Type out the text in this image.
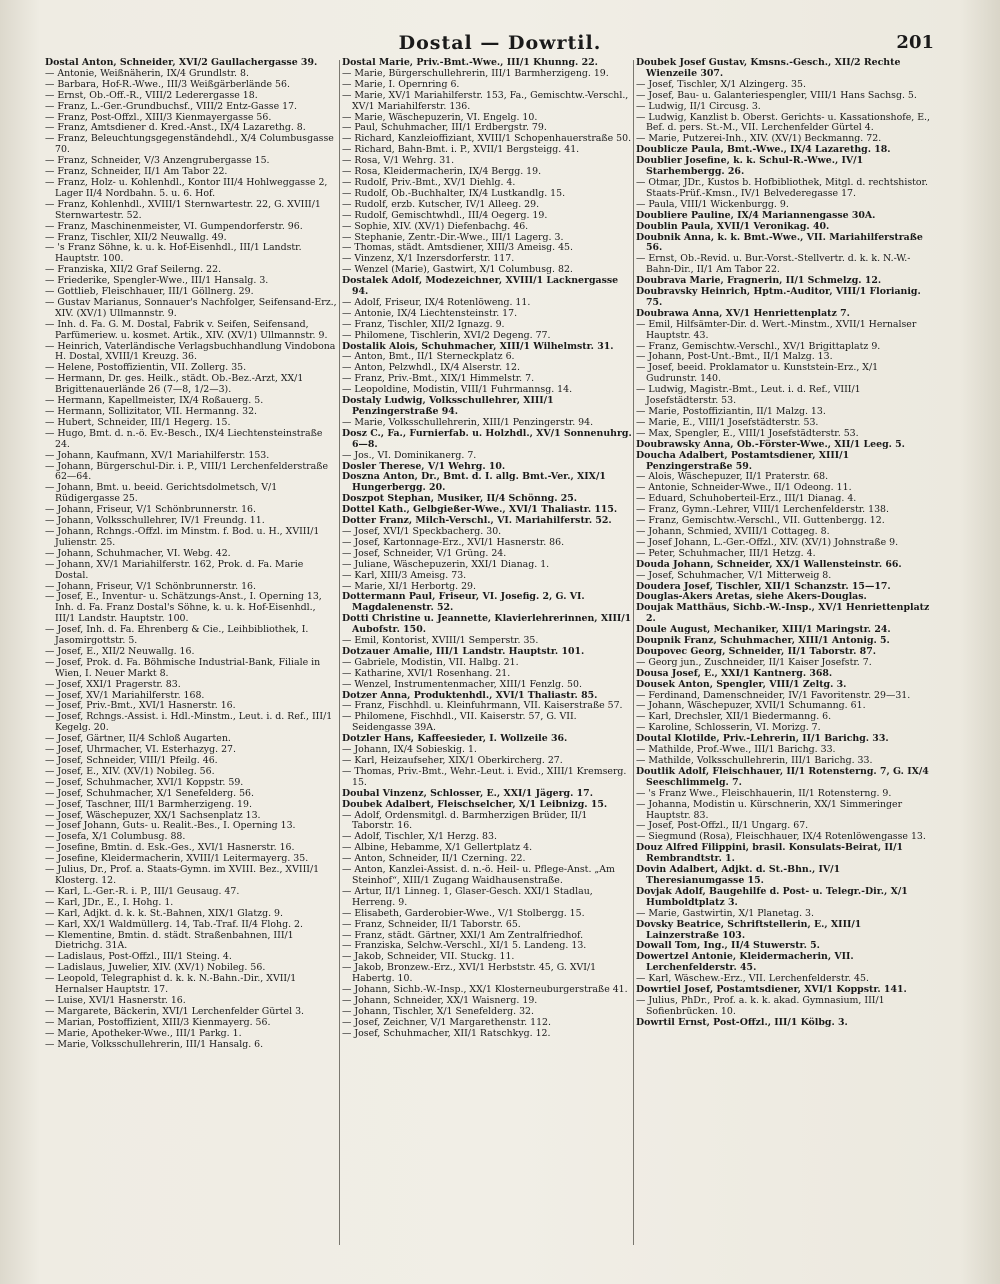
Dostal — Dowrtil.	201
Dostal Anton, Schneider, XVI/2 Gaullachergasse 39.
— Antonie, Weißnäherin, IX/4 Grundlstr. 8.
— Barbara, Hof-R.-Wwe., III/3 Weißgärberlände 56.
— Ernst, Ob.-Off.-R., VIII/2 Lederergasse 18.
— Franz, L.-Ger.-Grundbuchsf., VIII/2 Entz-Gasse 17.
— Franz, Post-Offzl., XIII/3 Kienmayergasse 56.
— Franz, Amtsdiener d. Kred.-Anst., IX/4 Lazarethg. 8.
— Franz, Beleuchtungsgegenständehdl., X/4 Columbusgasse 70.
— Franz, Schneider, V/3 Anzengrubergasse 15.
— Franz, Schneider, II/1 Am Tabor 22.
— Franz, Holz- u. Kohlenhdl., Kontor III/4 Hohlweggasse 2, Lager II/4 Nordbahn. 5. u. 6. Hof.
— Franz, Kohlenhdl., XVIII/1 Sternwartestr. 22, G. XVIII/1 Sternwartestr. 52.
— Franz, Maschinenmeister, VI. Gumpendorferstr. 96.
— Franz, Tischler, XII/2 Neuwallg. 49.
— 's Franz Söhne, k. u. k. Hof-Eisenhdl., III/1 Landstr. Hauptstr. 100.
— Franziska, XII/2 Graf Seilerng. 22.
— Friederike, Spengler-Wwe., III/1 Hansalg. 3.
— Gottlieb, Fleischhauer, III/1 Göllnerg. 29.
— Gustav Marianus, Sonnauer's Nachfolger, Seifensand-Erz., XIV. (XV/1) Ullmannstr. 9.
— Inh. d. Fa. G. M. Dostal, Fabrik v. Seifen, Seifensand, Parfümeriew. u. kosmet. Artik., XIV. (XV/1) Ullmannstr. 9.
— Heinrich, Vaterländische Verlagsbuchhandlung Vindobona H. Dostal, XVIII/1 Kreuzg. 36.
— Helene, Postoffizientin, VII. Zollerg. 35.
— Hermann, Dr. ges. Heilk., städt. Ob.-Bez.-Arzt, XX/1 Brigittenauerlände 26 (7—8, 1/2—3).
— Hermann, Kapellmeister, IX/4 Roßauerg. 5.
— Hermann, Sollizitator, VII. Hermanng. 32.
— Hubert, Schneider, III/1 Hegerg. 15.
— Hugo, Bmt. d. n.-ö. Ev.-Besch., IX/4 Liechtensteinstraße 24.
— Johann, Kaufmann, XV/1 Mariahilferstr. 153.
— Johann, Bürgerschul-Dir. i. P., VIII/1 Lerchenfelderstraße 62—64.
— Johann, Bmt. u. beeid. Gerichtsdolmetsch, V/1 Rüdigergasse 25.
— Johann, Friseur, V/1 Schönbrunnerstr. 16.
— Johann, Volksschullehrer, IV/1 Freundg. 11.
— Johann, Rchngs.-Offzl. im Minstm. f. Bod. u. H., XVIII/1 Julienstr. 25.
— Johann, Schuhmacher, VI. Webg. 42.
— Johann, XV/1 Mariahilferstr. 162, Prok. d. Fa. Marie Dostal.
— Johann, Friseur, V/1 Schönbrunnerstr. 16.
— Josef, E., Inventur- u. Schätzungs-Anst., I. Operning 13, Inh. d. Fa. Franz Dostal's Söhne, k. u. k. Hof-Eisenhdl., III/1 Landstr. Hauptstr. 100.
— Josef, Inh. d. Fa. Ehrenberg & Cie., Leihbibliothek, I. Jasomirgottstr. 5.
— Josef, E., XII/2 Neuwallg. 16.
— Josef, Prok. d. Fa. Böhmische Industrial-Bank, Filiale in Wien, I. Neuer Markt 8.
— Josef, XXI/1 Pragerstr. 83.
— Josef, XV/1 Mariahilferstr. 168.
— Josef, Priv.-Bmt., XVI/1 Hasnerstr. 16.
— Josef, Rchngs.-Assist. i. Hdl.-Minstm., Leut. i. d. Ref., III/1 Kegelg. 20.
— Josef, Gärtner, II/4 Schloß Augarten.
— Josef, Uhrmacher, VI. Esterhazyg. 27.
— Josef, Schneider, VIII/1 Pfeilg. 46.
— Josef, E., XIV. (XV/1) Nobileg. 56.
— Josef, Schuhmacher, XVI/1 Koppstr. 59.
— Josef, Schuhmacher, X/1 Senefelderg. 56.
— Josef, Taschner, III/1 Barmherzigeng. 19.
— Josef, Wäschepuzer, XX/1 Sachsenplatz 13.
— Josef Johann, Guts- u. Realit.-Bes., I. Operning 13.
— Josefa, X/1 Columbusg. 88.
— Josefine, Bmtin. d. Esk.-Ges., XVI/1 Hasnerstr. 16.
— Josefine, Kleidermacherin, XVIII/1 Leitermayerg. 35.
— Julius, Dr., Prof. a. Staats-Gymn. im XVIII. Bez., XVIII/1 Klosterg. 12.
— Karl, L.-Ger.-R. i. P., III/1 Geusaug. 47.
— Karl, JDr., E., I. Hohg. 1.
— Karl, Adjkt. d. k. k. St.-Bahnen, XIX/1 Glatzg. 9.
— Karl, XX/1 Waldmüllerg. 14, Tab.-Traf. II/4 Flohg. 2.
— Klementine, Bmtin. d. städt. Straßenbahnen, III/1 Dietrichg. 31A.
— Ladislaus, Post-Offzl., III/1 Steing. 4.
— Ladislaus, Juwelier, XIV. (XV/1) Nobileg. 56.
— Leopold, Telegraphist d. k. k. N.-Bahn.-Dir., XVII/1 Hernalser Hauptstr. 17.
— Luise, XVI/1 Hasnerstr. 16.
— Margarete, Bäckerin, XVI/1 Lerchenfelder Gürtel 3.
— Marian, Postoffizient, XIII/3 Kienmayerg. 56.
— Marie, Apotheker-Wwe., III/1 Parkg. 1.
— Marie, Volksschullehrerin, III/1 Hansalg. 6.
Dostal Marie, Priv.-Bmt.-Wwe., III/1 Khunng. 22.
— Marie, Bürgerschullehrerin, III/1 Barmherzigeng. 19.
— Marie, I. Opernring 6.
— Marie, XV/1 Mariahilferstr. 153, Fa., Gemischtw.-Verschl., XV/1 Mariahilferstr. 136.
— Marie, Wäschepuzerin, VI. Engelg. 10.
— Paul, Schuhmacher, III/1 Erdbergstr. 79.
— Richard, Kanzleioffiziant, XVIII/1 Schopenhauerstraße 50.
— Richard, Bahn-Bmt. i. P., XVII/1 Bergsteigg. 41.
— Rosa, V/1 Wehrg. 31.
— Rosa, Kleidermacherin, IX/4 Bergg. 19.
— Rudolf, Priv.-Bmt., XV/1 Diehlg. 4.
— Rudolf, Ob.-Buchhalter, IX/4 Lustkandlg. 15.
— Rudolf, erzb. Kutscher, IV/1 Alleeg. 29.
— Rudolf, Gemischtwhdl., III/4 Oegerg. 19.
— Sophie, XIV. (XV/1) Diefenbachg. 46.
— Stephanie, Zentr.-Dir.-Wwe., III/1 Lagerg. 3.
— Thomas, städt. Amtsdiener, XIII/3 Ameisg. 45.
— Vinzenz, X/1 Inzersdorferstr. 117.
— Wenzel (Marie), Gastwirt, X/1 Columbusg. 82.
Dostalek Adolf, Modezeichner, XVIII/1 Lacknergasse 94.
— Adolf, Friseur, IX/4 Rotenlöweng. 11.
— Antonie, IX/4 Liechtensteinstr. 17.
— Franz, Tischler, XII/2 Ignazg. 9.
— Philomene, Tischlerin, XVI/2 Degeng. 77.
Dostalik Alois, Schuhmacher, XIII/1 Wilhelmstr. 31.
— Anton, Bmt., II/1 Sterneckplatz 6.
— Anton, Pelzwhdl., IX/4 Alserstr. 12.
— Franz, Priv.-Bmt., XIX/1 Himmelstr. 7.
— Leopoldine, Modistin, VIII/1 Fuhrmannsg. 14.
Dostaly Ludwig, Volksschullehrer, XIII/1 Penzingerstraße 94.
— Marie, Volksschullehrerin, XIII/1 Penzingerstr. 94.
Dosz C., Fa., Furnierfab. u. Holzhdl., XV/1 Sonnenuhrg. 6—8.
— Jos., VI. Dominikanerg. 7.
Dosler Therese, V/1 Wehrg. 10.
Doszna Anton, Dr., Bmt. d. I. allg. Bmt.-Ver., XIX/1 Hungerbergg. 20.
Doszpot Stephan, Musiker, II/4 Schönng. 25.
Dottel Kath., Gelbgießer-Wwe., XVI/1 Thaliastr. 115.
Dotter Franz, Milch-Verschl., VI. Mariahilferstr. 52.
— Josef, XVI/1 Speckbacherg. 30.
— Josef, Kartonnage-Erz., XVI/1 Hasnerstr. 86.
— Josef, Schneider, V/1 Grüng. 24.
— Juliane, Wäschepuzerin, XXI/1 Dianag. 1.
— Karl, XIII/3 Ameisg. 73.
— Marie, XI/1 Herbortg. 29.
Dottermann Paul, Friseur, VI. Josefig. 2, G. VI. Magdalenenstr. 52.
Dotti Christine u. Jeannette, Klavierlehrerinnen, XIII/1 Aubofstr. 150.
— Emil, Kontorist, XVIII/1 Semperstr. 35.
Dotzauer Amalie, III/1 Landstr. Hauptstr. 101.
— Gabriele, Modistin, VII. Halbg. 21.
— Katharine, XVI/1 Rosenhang. 21.
— Wenzel, Instrumentenmacher, XIII/1 Fenzlg. 50.
Dotzer Anna, Produktenhdl., XVI/1 Thaliastr. 85.
— Franz, Fischhdl. u. Kleinfuhrmann, VII. Kaiserstraße 57.
— Philomene, Fischhdl., VII. Kaiserstr. 57, G. VII. Seidengasse 39A.
Dotzler Hans, Kaffeesieder, I. Wollzeile 36.
— Johann, IX/4 Sobieskig. 1.
— Karl, Heizaufseher, XIX/1 Oberkircherg. 27.
— Thomas, Priv.-Bmt., Wehr.-Leut. i. Evid., XIII/1 Kremserg. 15.
Doubal Vinzenz, Schlosser, E., XXI/1 Jägerg. 17.
Doubek Adalbert, Fleischselcher, X/1 Leibnizg. 15.
— Adolf, Ordensmitgl. d. Barmherzigen Brüder, II/1 Taborstr. 16.
— Adolf, Tischler, X/1 Herzg. 83.
— Albine, Hebamme, X/1 Gellertplatz 4.
— Anton, Schneider, II/1 Czerning. 22.
— Anton, Kanzlei-Assist. d. n.-ö. Heil- u. Pflege-Anst. „Am Steinhof“, XIII/1 Zugang Waidhausenstraße.
— Artur, II/1 Linneg. 1, Glaser-Gesch. XXI/1 Stadlau, Herreng. 9.
— Elisabeth, Garderobier-Wwe., V/1 Stolbergg. 15.
— Franz, Schneider, II/1 Taborstr. 65.
— Franz, städt. Gärtner, XXI/1 Am Zentralfriedhof.
— Franziska, Selchw.-Verschl., XI/1 5. Landeng. 13.
— Jakob, Schneider, VII. Stuckg. 11.
— Jakob, Bronzew.-Erz., XVI/1 Herbststr. 45, G. XVI/1 Habertg. 10.
— Johann, Sichb.-W.-Insp., XX/1 Klosterneuburgerstraße 41.
— Johann, Schneider, XX/1 Waisnerg. 19.
— Johann, Tischler, X/1 Senefelderg. 32.
— Josef, Zeichner, V/1 Margarethenstr. 112.
— Josef, Schuhmacher, XII/1 Ratschkyg. 12.
Doubek Josef Gustav, Kmsns.-Gesch., XII/2 Rechte Wienzeile 307.
— Josef, Tischler, X/1 Alzingerg. 35.
— Josef, Bau- u. Galanteriespengler, VIII/1 Hans Sachsg. 5.
— Ludwig, II/1 Circusg. 3.
— Ludwig, Kanzlist b. Oberst. Gerichts- u. Kassationshofe, E., Bef. d. pers. St.-M., VII. Lerchenfelder Gürtel 4.
— Marie, Putzerei-Inh., XIV. (XV/1) Beckmanng. 72.
Doublicze Paula, Bmt.-Wwe., IX/4 Lazarethg. 18.
Doublier Josefine, k. k. Schul-R.-Wwe., IV/1 Starhembergg. 26.
— Otmar, JDr., Kustos b. Hofbibliothek, Mitgl. d. rechtshistor. Staats-Prüf.-Kmsn., IV/1 Belvederegasse 17.
— Paula, VIII/1 Wickenburgg. 9.
Doubliere Pauline, IX/4 Mariannengasse 30A.
Doublin Paula, XVII/1 Veronikag. 40.
Doubnik Anna, k. k. Bmt.-Wwe., VII. Mariahilferstraße 56.
— Ernst, Ob.-Revid. u. Bur.-Vorst.-Stellvertr. d. k. k. N.-W.-Bahn-Dir., II/1 Am Tabor 22.
Doubrava Marie, Fragnerin, II/1 Schmelzg. 12.
Doubravsky Heinrich, Hptm.-Auditor, VIII/1 Florianig. 75.
Doubrawa Anna, XV/1 Henriettenplatz 7.
— Emil, Hilfsämter-Dir. d. Wert.-Minstm., XVII/1 Hernalser Hauptstr. 43.
— Franz, Gemischtw.-Verschl., XV/1 Brigittaplatz 9.
— Johann, Post-Unt.-Bmt., II/1 Malzg. 13.
— Josef, beeid. Proklamator u. Kunststein-Erz., X/1 Gudrunstr. 140.
— Ludwig, Magistr.-Bmt., Leut. i. d. Ref., VIII/1 Josefstädterstr. 53.
— Marie, Postoffiziantin, II/1 Malzg. 13.
— Marie, E., VIII/1 Josefstädterstr. 53.
— Max, Spengler, E., VIII/1 Josefstädterstr. 53.
Doubrawsky Anna, Ob.-Förster-Wwe., XII/1 Leeg. 5.
Doucha Adalbert, Postamtsdiener, XIII/1 Penzingerstraße 59.
— Alois, Wäschepuzer, II/1 Praterstr. 68.
— Antonie, Schneider-Wwe., II/1 Odeong. 11.
— Eduard, Schuhoberteil-Erz., III/1 Dianag. 4.
— Franz, Gymn.-Lehrer, VIII/1 Lerchenfelderstr. 138.
— Franz, Gemischtw.-Verschl., VII. Guttenbergg. 12.
— Johann, Schmied, XVIII/1 Cottageg. 8.
— Josef Johann, L.-Ger.-Offzl., XIV. (XV/1) Johnstraße 9.
— Peter, Schuhmacher, III/1 Hetzg. 4.
Douda Johann, Schneider, XX/1 Wallensteinstr. 66.
— Josef, Schuhmacher, V/1 Mitterweig 8.
Doudera Josef, Tischler, XII/1 Schanzstr. 15—17.
Douglas-Akers Aretas, siehe Akers-Douglas.
Doujak Matthäus, Sichb.-W.-Insp., XV/1 Henriettenplatz 2.
Doule August, Mechaniker, XIII/1 Maringstr. 24.
Doupnik Franz, Schuhmacher, XIII/1 Antonig. 5.
Doupovec Georg, Schneider, II/1 Taborstr. 87.
— Georg jun., Zuschneider, II/1 Kaiser Josefstr. 7.
Dousa Josef, E., XXI/1 Kantnerg. 368.
Dousek Anton, Spengler, VIII/1 Zeltg. 3.
— Ferdinand, Damenschneider, IV/1 Favoritenstr. 29—31.
— Johann, Wäschepuzer, XVII/1 Schumanng. 61.
— Karl, Drechsler, XII/1 Biedermanng. 6.
— Karoline, Schlosserin, VI. Morizg. 7.
Doutal Klotilde, Priv.-Lehrerin, II/1 Barichg. 33.
— Mathilde, Prof.-Wwe., III/1 Barichg. 33.
— Mathilde, Volksschullehrerin, III/1 Barichg. 33.
Doutlik Adolf, Fleischhauer, II/1 Rotensterng. 7, G. IX/4 Seeschlimmelg. 7.
— 's Franz Wwe., Fleischhauerin, II/1 Rotensterng. 9.
— Johanna, Modistin u. Kürschnerin, XX/1 Simmeringer Hauptstr. 83.
— Josef, Post-Offzl., II/1 Ungarg. 67.
— Siegmund (Rosa), Fleischhauer, IX/4 Rotenlöwengasse 13.
Douz Alfred Filippini, brasil. Konsulats-Beirat, II/1 Rembrandtstr. 1.
Dovin Adalbert, Adjkt. d. St.-Bhn., IV/1 Theresianumgasse 15.
Dovjak Adolf, Baugehilfe d. Post- u. Telegr.-Dir., X/1 Humboldtplatz 3.
— Marie, Gastwirtin, X/1 Planetag. 3.
Dovsky Beatrice, Schriftstellerin, E., XIII/1 Lainzerstraße 103.
Dowall Tom, Ing., II/4 Stuwerstr. 5.
Dowertzel Antonie, Kleidermacherin, VII. Lerchenfelderstr. 45.
— Karl, Wäschew.-Erz., VII. Lerchenfelderstr. 45.
Dowrtiel Josef, Postamtsdiener, XVI/1 Koppstr. 141.
— Julius, PhDr., Prof. a. k. k. akad. Gymnasium, III/1 Sofienbrücken. 10.
Dowrtil Ernst, Post-Offzl., III/1 Kölbg. 3.
